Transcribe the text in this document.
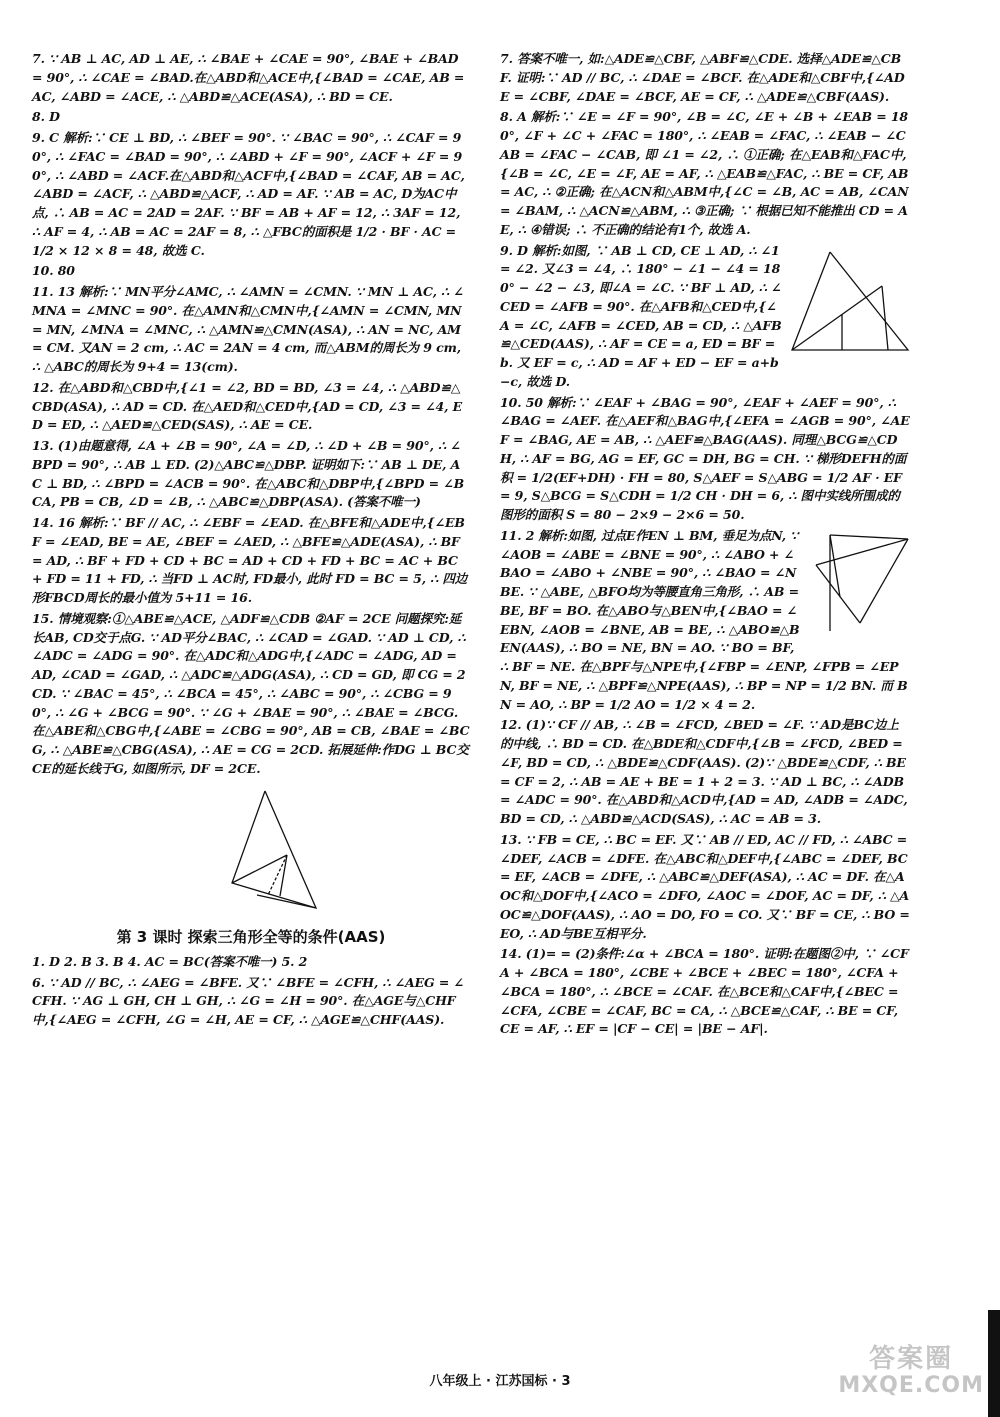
7. ∵ AB ⊥ AC, AD ⊥ AE, ∴ ∠BAE + ∠CAE = 90°, ∠BAE + ∠BAD = 90°, ∴ ∠CAE = ∠BAD.在△ABD和△ACE中,{∠BAD = ∠CAE, AB = AC, ∠ABD = ∠ACE, ∴ △ABD≌△ACE(ASA), ∴ BD = CE.

8. D

9. C 解析:∵ CE ⊥ BD, ∴ ∠BEF = 90°. ∵ ∠BAC = 90°, ∴ ∠CAF = 90°, ∴ ∠FAC = ∠BAD = 90°, ∴ ∠ABD + ∠F = 90°, ∠ACF + ∠F = 90°, ∴ ∠ABD = ∠ACF.在△ABD和△ACF中,{∠BAD = ∠CAF, AB = AC, ∠ABD = ∠ACF, ∴ △ABD≌△ACF, ∴ AD = AF. ∵ AB = AC, D为AC中点, ∴ AB = AC = 2AD = 2AF. ∵ BF = AB + AF = 12, ∴ 3AF = 12, ∴ AF = 4, ∴ AB = AC = 2AF = 8, ∴ △FBC的面积是 1/2 · BF · AC = 1/2 × 12 × 8 = 48, 故选 C.

10. 80

11. 13 解析:∵ MN平分∠AMC, ∴ ∠AMN = ∠CMN. ∵ MN ⊥ AC, ∴ ∠MNA = ∠MNC = 90°. 在△AMN和△CMN中,{∠AMN = ∠CMN, MN = MN, ∠MNA = ∠MNC, ∴ △AMN≌△CMN(ASA), ∴ AN = NC, AM = CM. 又AN = 2 cm, ∴ AC = 2AN = 4 cm, 而△ABM的周长为 9 cm, ∴ △ABC的周长为 9+4 = 13(cm).

12. 在△ABD和△CBD中,{∠1 = ∠2, BD = BD, ∠3 = ∠4, ∴ △ABD≌△CBD(ASA), ∴ AD = CD. 在△AED和△CED中,{AD = CD, ∠3 = ∠4, ED = ED, ∴ △AED≌△CED(SAS), ∴ AE = CE.

13. (1)由题意得, ∠A + ∠B = 90°, ∠A = ∠D, ∴ ∠D + ∠B = 90°, ∴ ∠BPD = 90°, ∴ AB ⊥ ED. (2)△ABC≌△DBP. 证明如下:∵ AB ⊥ DE, AC ⊥ BD, ∴ ∠BPD = ∠ACB = 90°. 在△ABC和△DBP中,{∠BPD = ∠BCA, PB = CB, ∠D = ∠B, ∴ △ABC≌△DBP(ASA). (答案不唯一)

14. 16 解析:∵ BF // AC, ∴ ∠EBF = ∠EAD. 在△BFE和△ADE中,{∠EBF = ∠EAD, BE = AE, ∠BEF = ∠AED, ∴ △BFE≌△ADE(ASA), ∴ BF = AD, ∴ BF + FD + CD + BC = AD + CD + FD + BC = AC + BC + FD = 11 + FD, ∴ 当FD ⊥ AC时, FD最小, 此时 FD = BC = 5, ∴ 四边形FBCD周长的最小值为 5+11 = 16.

15. 情境观察:①△ABE≌△ACE, △ADF≌△CDB ②AF = 2CE 问题探究:延长AB, CD交于点G. ∵ AD平分∠BAC, ∴ ∠CAD = ∠GAD. ∵ AD ⊥ CD, ∴ ∠ADC = ∠ADG = 90°. 在△ADC和△ADG中,{∠ADC = ∠ADG, AD = AD, ∠CAD = ∠GAD, ∴ △ADC≌△ADG(ASA), ∴ CD = GD, 即 CG = 2CD. ∵ ∠BAC = 45°, ∴ ∠BCA = 45°, ∴ ∠ABC = 90°, ∴ ∠CBG = 90°, ∴ ∠G + ∠BCG = 90°. ∵ ∠G + ∠BAE = 90°, ∴ ∠BAE = ∠BCG. 在△ABE和△CBG中,{∠ABE = ∠CBG = 90°, AB = CB, ∠BAE = ∠BCG, ∴ △ABE≌△CBG(ASA), ∴ AE = CG = 2CD. 拓展延伸:作DG ⊥ BC交CE的延长线于G, 如图所示, DF = 2CE.

第 3 课时 探索三角形全等的条件(AAS)

1. D 2. B 3. B 4. AC = BC(答案不唯一) 5. 2

6. ∵ AD // BC, ∴ ∠AEG = ∠BFE. 又∵ ∠BFE = ∠CFH, ∴ ∠AEG = ∠CFH. ∵ AG ⊥ GH, CH ⊥ GH, ∴ ∠G = ∠H = 90°. 在△AGE与△CHF中,{∠AEG = ∠CFH, ∠G = ∠H, AE = CF, ∴ △AGE≌△CHF(AAS).

7. 答案不唯一, 如:△ADE≌△CBF, △ABF≌△CDE. 选择△ADE≌△CBF. 证明:∵ AD // BC, ∴ ∠DAE = ∠BCF. 在△ADE和△CBF中,{∠ADE = ∠CBF, ∠DAE = ∠BCF, AE = CF, ∴ △ADE≌△CBF(AAS).

8. A 解析:∵ ∠E = ∠F = 90°, ∠B = ∠C, ∠E + ∠B + ∠EAB = 180°, ∠F + ∠C + ∠FAC = 180°, ∴ ∠EAB = ∠FAC, ∴ ∠EAB − ∠CAB = ∠FAC − ∠CAB, 即 ∠1 = ∠2, ∴ ①正确; 在△EAB和△FAC中,{∠B = ∠C, ∠E = ∠F, AE = AF, ∴ △EAB≌△FAC, ∴ BE = CF, AB = AC, ∴ ②正确; 在△ACN和△ABM中,{∠C = ∠B, AC = AB, ∠CAN = ∠BAM, ∴ △ACN≌△ABM, ∴ ③正确; ∵ 根据已知不能推出 CD = AE, ∴ ④错误; ∴ 不正确的结论有1个, 故选 A.

9. D 解析:如图, ∵ AB ⊥ CD, CE ⊥ AD, ∴ ∠1 = ∠2. 又∠3 = ∠4, ∴ 180° − ∠1 − ∠4 = 180° − ∠2 − ∠3, 即∠A = ∠C. ∵ BF ⊥ AD, ∴ ∠CED = ∠AFB = 90°. 在△AFB和△CED中,{∠A = ∠C, ∠AFB = ∠CED, AB = CD, ∴ △AFB≌△CED(AAS), ∴ AF = CE = a, ED = BF = b. 又 EF = c, ∴ AD = AF + ED − EF = a+b−c, 故选 D.

10. 50 解析:∵ ∠EAF + ∠BAG = 90°, ∠EAF + ∠AEF = 90°, ∴ ∠BAG = ∠AEF. 在△AEF和△BAG中,{∠EFA = ∠AGB = 90°, ∠AEF = ∠BAG, AE = AB, ∴ △AEF≌△BAG(AAS). 同理△BCG≌△CDH, ∴ AF = BG, AG = EF, GC = DH, BG = CH. ∵ 梯形DEFH的面积 = 1/2(EF+DH) · FH = 80, S△AEF = S△ABG = 1/2 AF · EF = 9, S△BCG = S△CDH = 1/2 CH · DH = 6, ∴ 图中实线所围成的图形的面积 S = 80 − 2×9 − 2×6 = 50.

11. 2 解析:如图, 过点E作EN ⊥ BM, 垂足为点N, ∵ ∠AOB = ∠ABE = ∠BNE = 90°, ∴ ∠ABO + ∠BAO = ∠ABO + ∠NBE = 90°, ∴ ∠BAO = ∠NBE. ∵ △ABE, △BFO均为等腰直角三角形, ∴ AB = BE, BF = BO. 在△ABO与△BEN中,{∠BAO = ∠EBN, ∠AOB = ∠BNE, AB = BE, ∴ △ABO≌△BEN(AAS), ∴ BO = NE, BN = AO. ∵ BO = BF, ∴ BF = NE. 在△BPF与△NPE中,{∠FBP = ∠ENP, ∠FPB = ∠EPN, BF = NE, ∴ △BPF≌△NPE(AAS), ∴ BP = NP = 1/2 BN. 而 BN = AO, ∴ BP = 1/2 AO = 1/2 × 4 = 2.

12. (1)∵ CF // AB, ∴ ∠B = ∠FCD, ∠BED = ∠F. ∵ AD是BC边上的中线, ∴ BD = CD. 在△BDE和△CDF中,{∠B = ∠FCD, ∠BED = ∠F, BD = CD, ∴ △BDE≌△CDF(AAS). (2)∵ △BDE≌△CDF, ∴ BE = CF = 2, ∴ AB = AE + BE = 1 + 2 = 3. ∵ AD ⊥ BC, ∴ ∠ADB = ∠ADC = 90°. 在△ABD和△ACD中,{AD = AD, ∠ADB = ∠ADC, BD = CD, ∴ △ABD≌△ACD(SAS), ∴ AC = AB = 3.

13. ∵ FB = CE, ∴ BC = EF. 又∵ AB // ED, AC // FD, ∴ ∠ABC = ∠DEF, ∠ACB = ∠DFE. 在△ABC和△DEF中,{∠ABC = ∠DEF, BC = EF, ∠ACB = ∠DFE, ∴ △ABC≌△DEF(ASA), ∴ AC = DF. 在△AOC和△DOF中,{∠ACO = ∠DFO, ∠AOC = ∠DOF, AC = DF, ∴ △AOC≌△DOF(AAS), ∴ AO = DO, FO = CO. 又∵ BF = CE, ∴ BO = EO, ∴ AD与BE互相平分.

14. (1)= = (2)条件:∠α + ∠BCA = 180°. 证明:在题图②中, ∵ ∠CFA + ∠BCA = 180°, ∠CBE + ∠BCE + ∠BEC = 180°, ∠CFA + ∠BCA = 180°, ∴ ∠BCE = ∠CAF. 在△BCE和△CAF中,{∠BEC = ∠CFA, ∠CBE = ∠CAF, BC = CA, ∴ △BCE≌△CAF, ∴ BE = CF, CE = AF, ∴ EF = |CF − CE| = |BE − AF|.

八年级上 · 江苏国标 · 3
答案圈
MXQE.COM
